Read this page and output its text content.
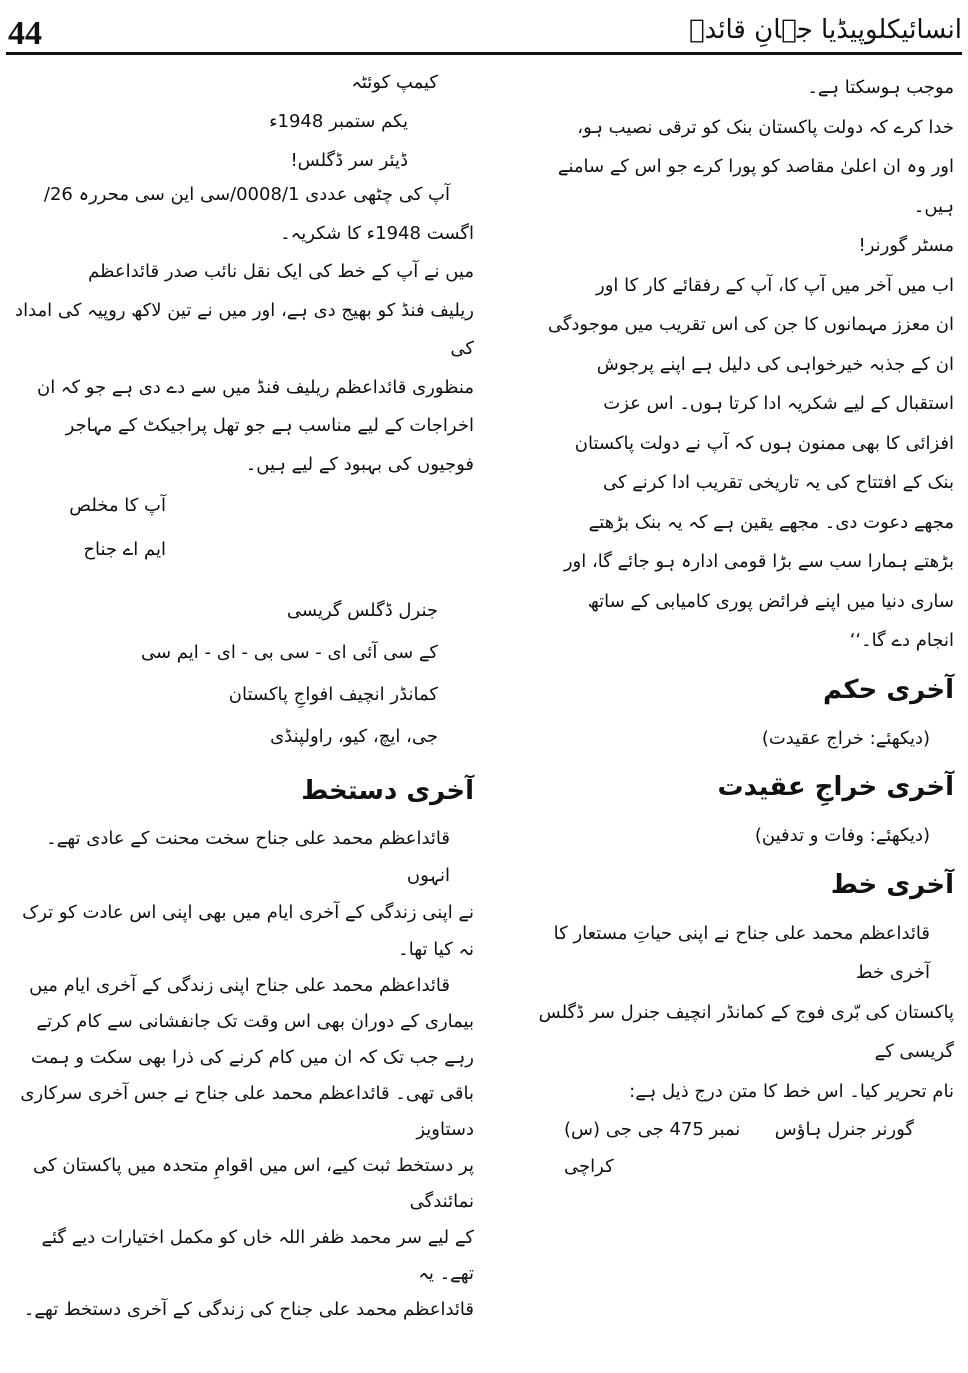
44	انسائیکلوپیڈیا جہانِ قائدؒ

موجب ہوسکتا ہے۔

خدا کرے کہ دولت پاکستان بنک کو ترقی نصیب ہو،

اور وہ ان اعلیٰ مقاصد کو پورا کرے جو اس کے سامنے

ہیں۔

مسٹر گورنر!

اب میں آخر میں آپ کا، آپ کے رفقائے کار کا اور

ان معزز مہمانوں کا جن کی اس تقریب میں موجودگی

ان کے جذبہ خیرخواہی کی دلیل ہے اپنے پرجوش

استقبال کے لیے شکریہ ادا کرتا ہوں۔ اس عزت

افزائی کا بھی ممنون ہوں کہ آپ نے دولت پاکستان

بنک کے افتتاح کی یہ تاریخی تقریب ادا کرنے کی

مجھے دعوت دی۔ مجھے یقین ہے کہ یہ بنک بڑھتے

بڑھتے ہمارا سب سے بڑا قومی ادارہ ہو جائے گا، اور

ساری دنیا میں اپنے فرائض پوری کامیابی کے ساتھ

انجام دے گا۔‘‘

آخری حکم

(دیکھئے: خراج عقیدت)

آخری خراجِ عقیدت

(دیکھئے: وفات و تدفین)

آخری خط

قائداعظم محمد علی جناح نے اپنی حیاتِ مستعار کا آخری خط

پاکستان کی بّری فوج کے کمانڈر انچیف جنرل سر ڈگلس گریسی کے

نام تحریر کیا۔ اس خط کا متن درج ذیل ہے:

گورنر جنرل ہاؤس
نمبر 475 جی جی (س)

کراچی

کیمپ کوئٹہ
یکم ستمبر 1948ء
ڈیئر سر ڈگلس!

آپ کی چٹھی عددی 0008/1/سی این سی محررہ 26/

اگست 1948ء کا شکریہ۔

میں نے آپ کے خط کی ایک نقل نائب صدر قائداعظم

ریلیف فنڈ کو بھیج دی ہے، اور میں نے تین لاکھ روپیہ کی امداد کی

منظوری قائداعظم ریلیف فنڈ میں سے دے دی ہے جو کہ ان

اخراجات کے لیے مناسب ہے جو تھل پراجیکٹ کے مہاجر

فوجیوں کی بہبود کے لیے ہیں۔

آپ کا مخلص
ایم اے جناح
جنرل ڈگلس گریسی
کے سی آئی ای - سی بی - ای - ایم سی
کمانڈر انچیف افواجِ پاکستان
جی، ایچ، کیو، راولپنڈی
آخری دستخط

قائداعظم محمد علی جناح سخت محنت کے عادی تھے۔ انہوں

نے اپنی زندگی کے آخری ایام میں بھی اپنی اس عادت کو ترک

نہ کیا تھا۔

قائداعظم محمد علی جناح اپنی زندگی کے آخری ایام میں

بیماری کے دوران بھی اس وقت تک جانفشانی سے کام کرتے

رہے جب تک کہ ان میں کام کرنے کی ذرا بھی سکت و ہمت

باقی تھی۔ قائداعظم محمد علی جناح نے جس آخری سرکاری دستاویز

پر دستخط ثبت کیے، اس میں اقوامِ متحدہ میں پاکستان کی نمائندگی

کے لیے سر محمد ظفر اللہ خاں کو مکمل اختیارات دیے گئے تھے۔ یہ

قائداعظم محمد علی جناح کی زندگی کے آخری دستخط تھے۔
